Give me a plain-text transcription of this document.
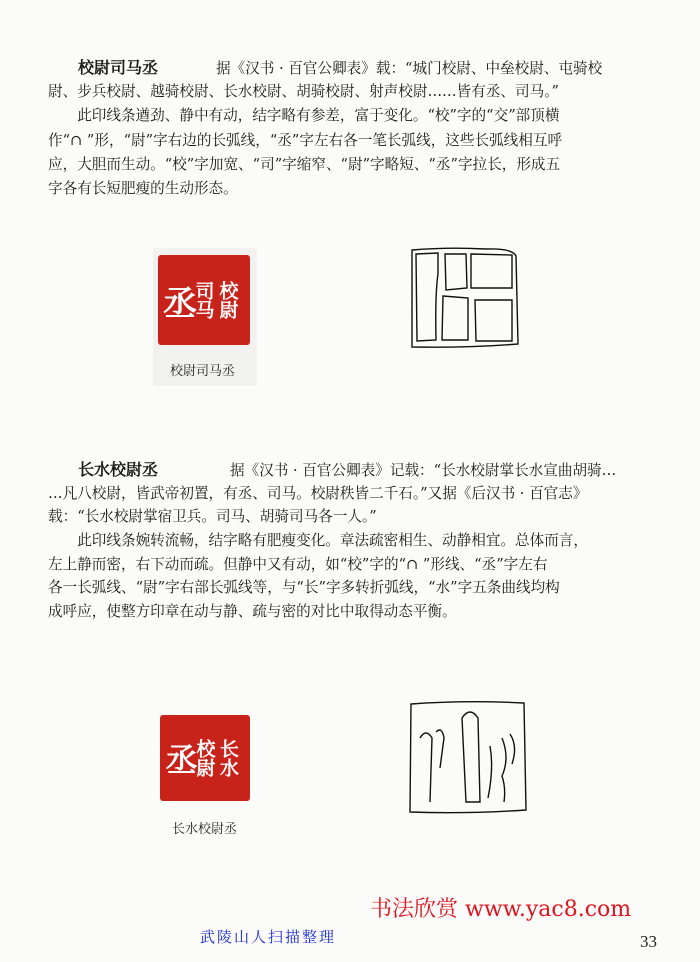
校尉司马丞	据《汉书 · 百官公卿表》载：“城门校尉、中垒校尉、屯骑校
尉、步兵校尉、越骑校尉、长水校尉、胡骑校尉、射声校尉……皆有丞、司马。”
　　此印线条遒劲、静中有动，结字略有参差，富于变化。“校”字的“交”部顶横
作“∩ ”形，“尉”字右边的长弧线，“丞”字左右各一笔长弧线，这些长弧线相互呼
应，大胆而生动。“校”字加宽、“司”字缩窄、“尉”字略短、“丞”字拉长，形成五
字各有长短肥瘦的生动形态。
校尉
司马
丞
校尉司马丞
长水校尉丞	据《汉书 · 百官公卿表》记载：“长水校尉掌长水宣曲胡骑…
…凡八校尉，皆武帝初置，有丞、司马。校尉秩皆二千石。”又据《后汉书 · 百官志》
载：“长水校尉掌宿卫兵。司马、胡骑司马各一人。”
　　此印线条婉转流畅，结字略有肥瘦变化。章法疏密相生、动静相宜。总体而言，
左上静而密，右下动而疏。但静中又有动，如“校”字的“∩ ”形线、“丞”字左右
各一长弧线、“尉”字右部长弧线等，与“长”字多转折弧线，“水”字五条曲线均构
成呼应，使整方印章在动与静、疏与密的对比中取得动态平衡。
长水
校尉
丞
长水校尉丞
书法欣赏 www.yac8.com
33
武陵山人扫描整理
